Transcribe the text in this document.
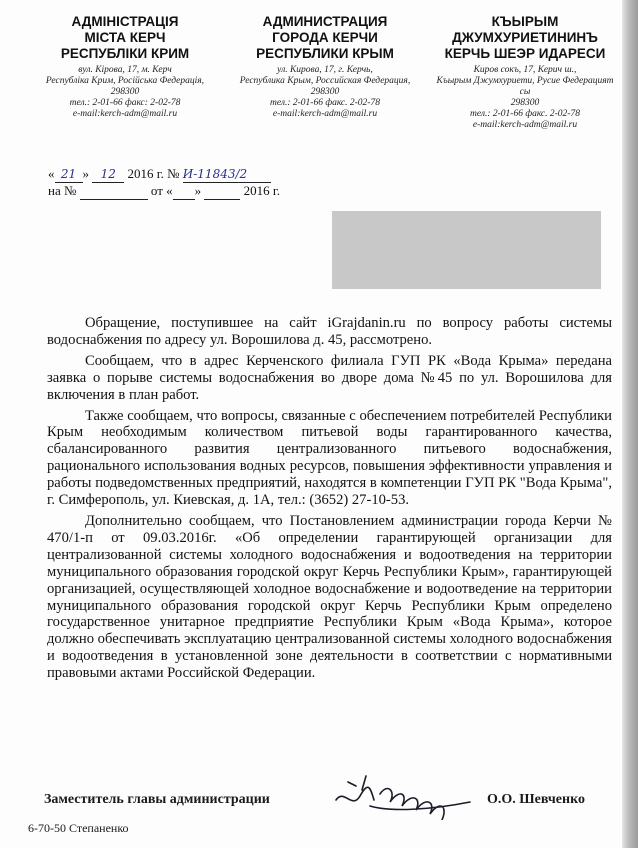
АДМІНІСТРАЦІЯ
МІСТА КЕРЧ
РЕСПУБЛІКИ КРИМ
вул. Кірова, 17, м. Керч
Республіка Крим, Російська Федерація,
298300
тел.: 2-01-66 факс: 2-02-78
e-mail:kerch-adm@mail.ru
АДМИНИСТРАЦИЯ
ГОРОДА КЕРЧИ
РЕСПУБЛИКИ КРЫМ
ул. Кирова, 17, г. Керчь,
Республика Крым, Российская Федерация,
298300
тел.: 2-01-66 факс. 2-02-78
e-mail:kerch-adm@mail.ru
КЪЫРЫМ
ДЖУМХУРИЕТИНИНЪ
КЕРЧЬ ШЕЭР ИДАРЕСИ
Киров сокъ, 17, Керич ш.,
Къырым Джумхуриети, Русие Федерацият
сы
298300
тел.: 2-01-66 факс. 2-02-78
e-mail:kerch-adm@mail.ru
« 21 » 12 2016 г. № И-11843/2
на №	от « »	2016 г.

Обращение, поступившее на сайт iGrajdanin.ru по вопросу работы системы водоснабжения по адресу ул. Ворошилова д. 45, рассмотрено.

Сообщаем, что в адрес Керченского филиала ГУП РК «Вода Крыма» передана заявка о порыве системы водоснабжения во дворе дома №45 по ул. Ворошилова для включения в план работ.

Также сообщаем, что вопросы, связанные с обеспечением потребителей Республики Крым необходимым количеством питьевой воды гарантированного качества, сбалансированного развития централизованного питьевого водоснабжения, рационального использования водных ресурсов, повышения эффективности управления и работы подведомственных предприятий, находятся в компетенции ГУП РК "Вода Крыма", г. Симферополь, ул. Киевская, д. 1А, тел.: (3652) 27-10-53.

Дополнительно сообщаем, что Постановлением администрации города Керчи № 470/1-п от 09.03.2016г. «Об определении гарантирующей организации для централизованной системы холодного водоснабжения и водоотведения на территории муниципального образования городской округ Керчь Республики Крым», гарантирующей организацией, осуществляющей холодное водоснабжение и водоотведение на территории муниципального образования городской округ Керчь Республики Крым определено государственное унитарное предприятие Республики Крым «Вода Крыма», которое должно обеспечивать эксплуатацию централизованной системы холодного водоснабжения и водоотведения в установленной зоне деятельности в соответствии с нормативными правовыми актами Российской Федерации.

Заместитель главы администрации	О.О. Шевченко
6-70-50 Степаненко
